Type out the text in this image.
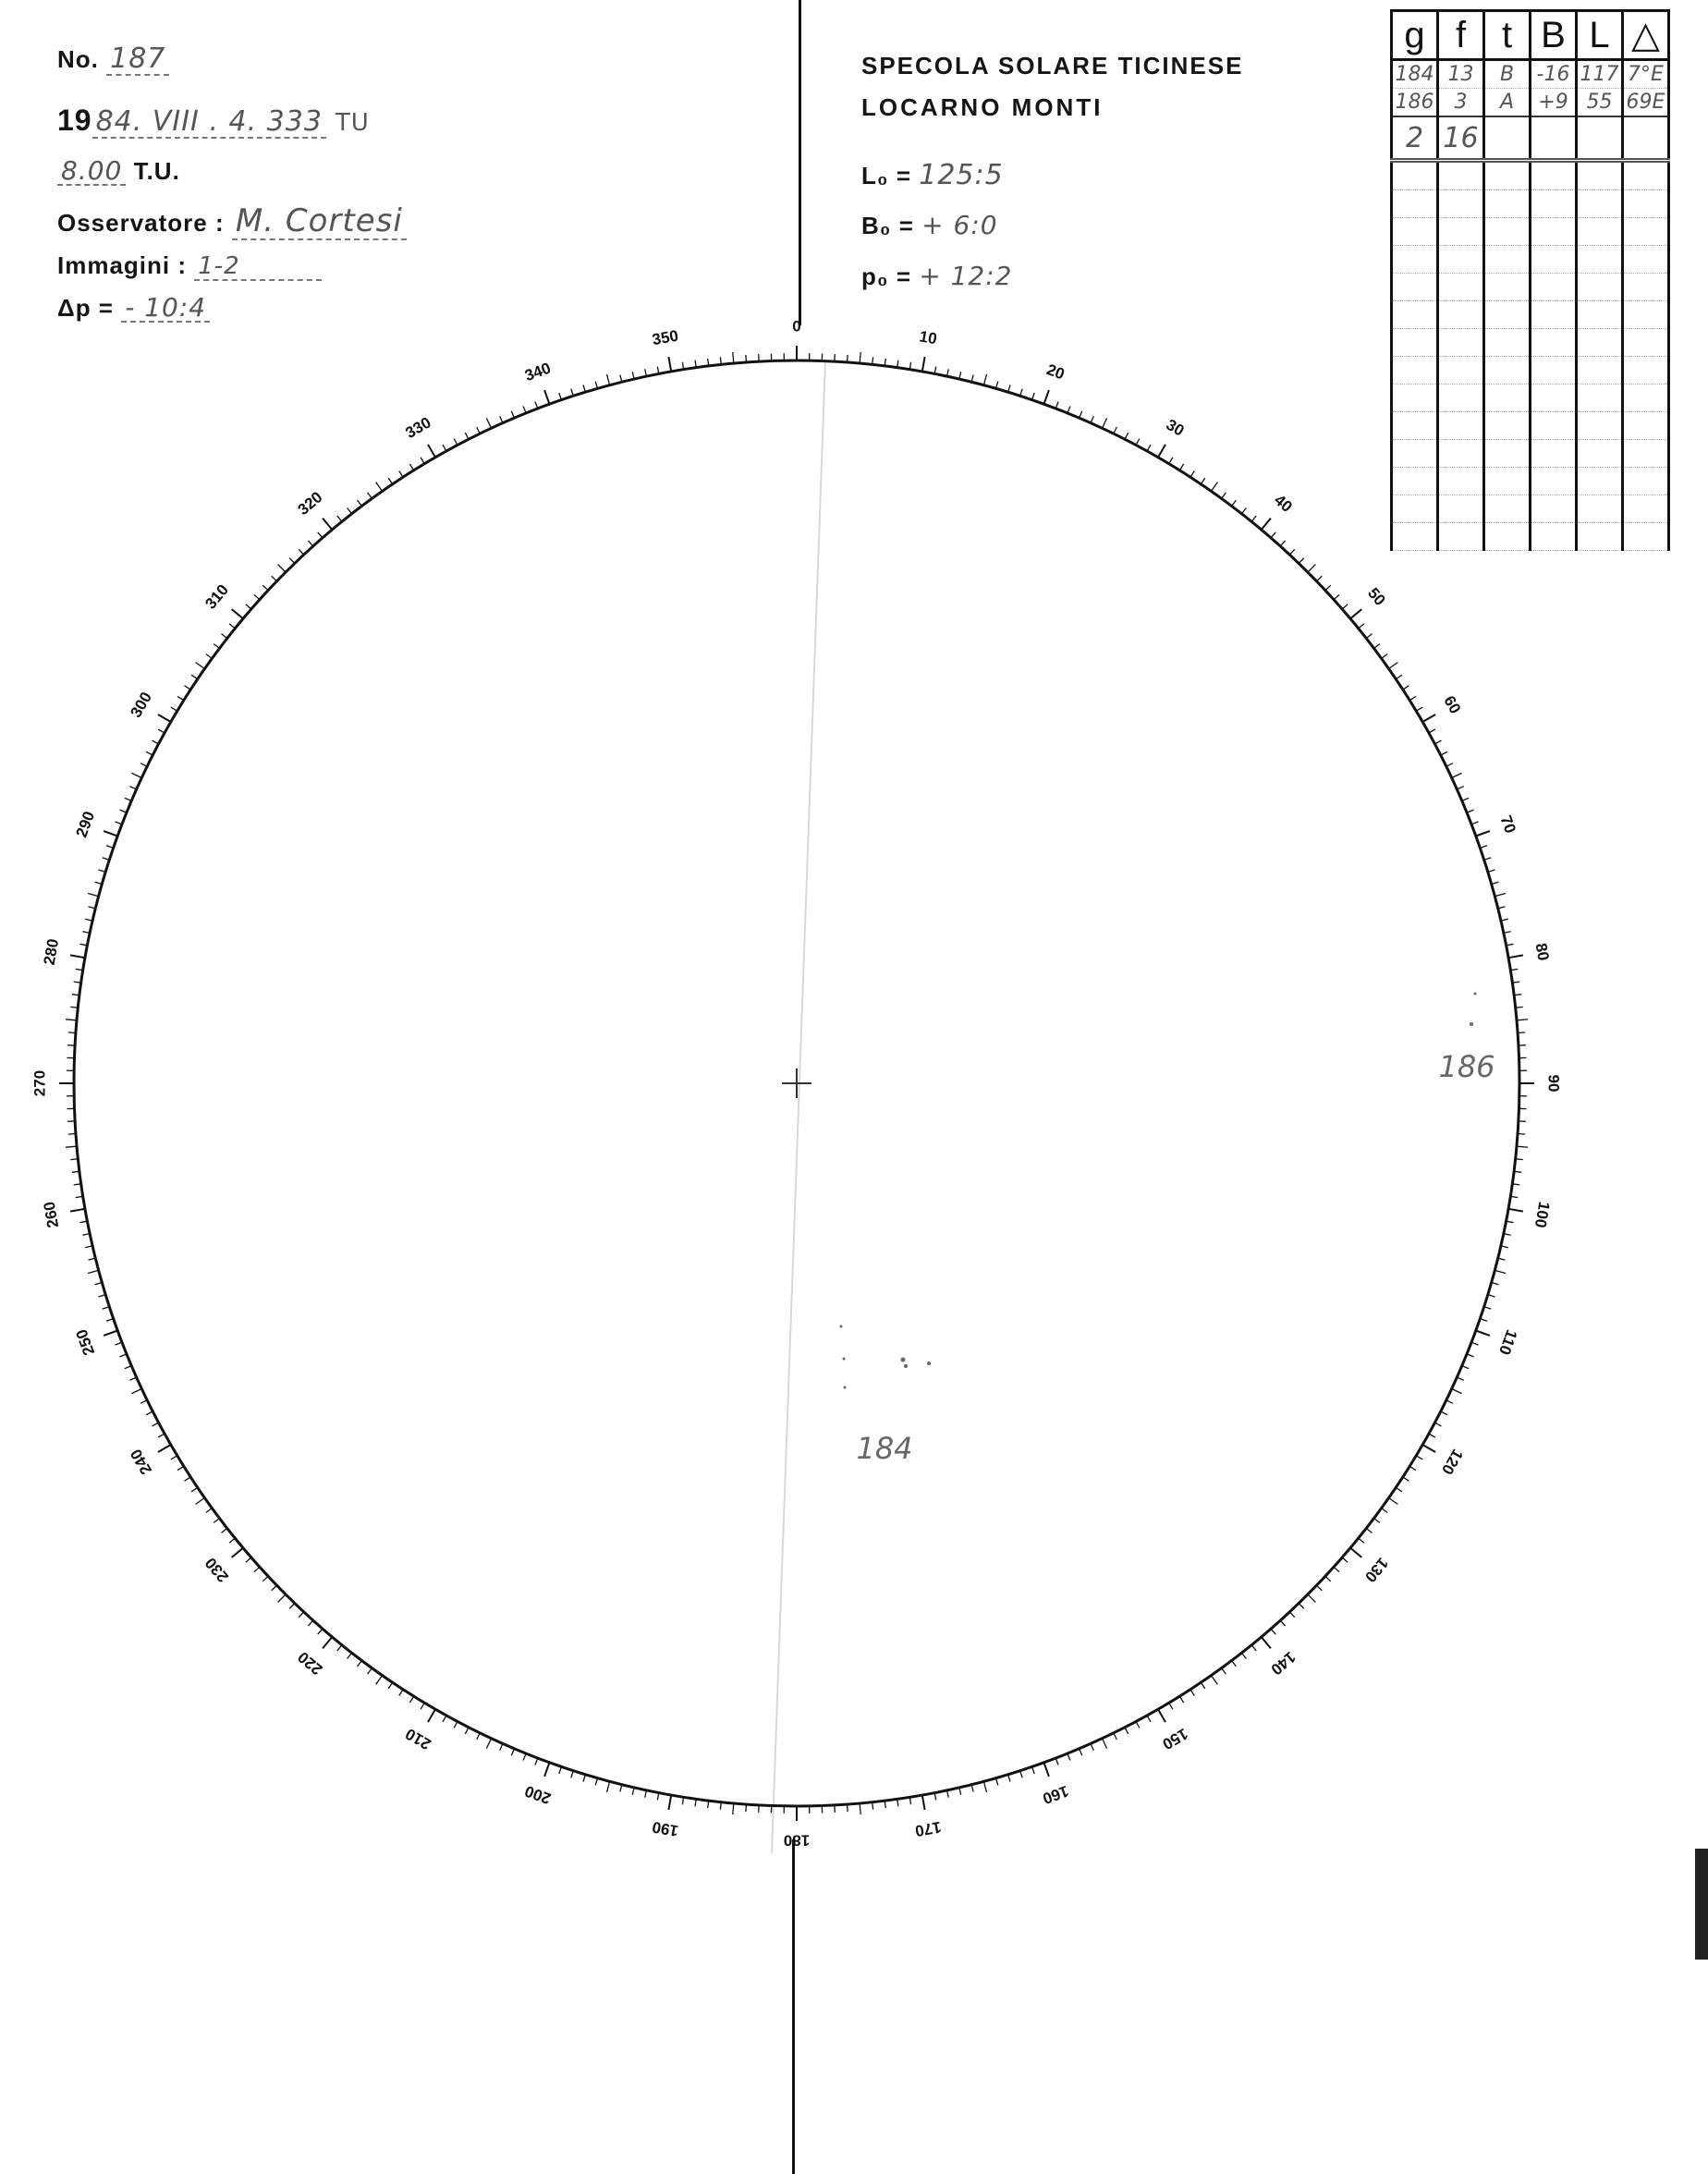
No. 187
19 84. VIII . 4. 333 TU
8.00 T.U.
Osservatore : M. Cortesi
Immagini : 1-2
Δp = - 10:4
SPECOLA SOLARE TICINESE
LOCARNO MONTI
L₀ = 125:5
B₀ = + 6:0
p₀ = + 12:2
g	f	t	B	L	△
184	13	B	-16	117	7°E
186	3	A	+9	55	69E
2	16				

0
10
20
30
40
50
60
70
80
90
100
110
120
130
140
150
160
170
180
190
200
210
220
230
240
250
260
270
280
290
300
310
320
330
340
350
184
186
